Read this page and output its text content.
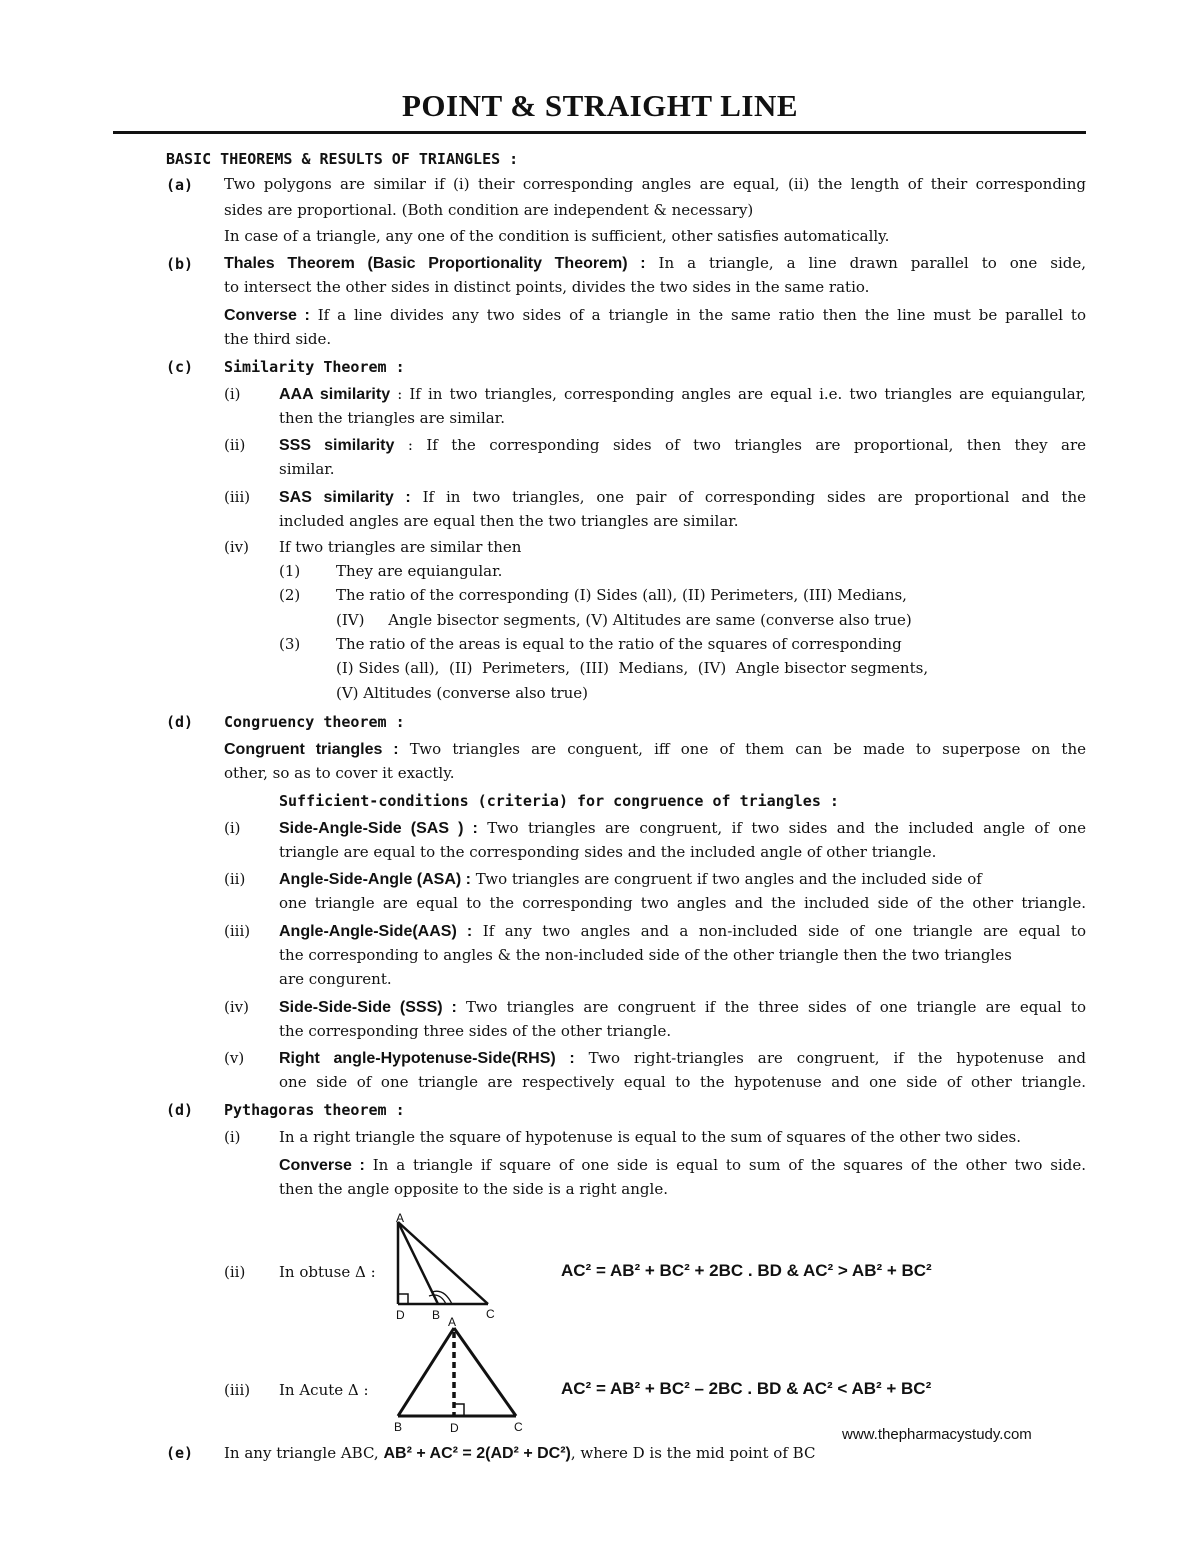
POINT & STRAIGHT LINE
BASIC THEOREMS & RESULTS OF TRIANGLES :
(a) Two polygons are similar if (i) their corresponding angles are equal, (ii) the length of their corresponding
sides are proportional. (Both condition are independent & necessary)
In case of a triangle, any one of the condition is sufficient, other satisfies automatically.
(b) Thales Theorem (Basic Proportionality Theorem) : In a triangle, a line drawn parallel to one side,
to intersect the other sides in distinct points, divides the two sides in the same ratio.
Converse : If a line divides any two sides of a triangle in the same ratio then the line must be parallel to
the third side.
(c) Similarity Theorem :
(i) AAA similarity : If in two triangles, corresponding angles are equal i.e. two triangles are equiangular,
then the triangles are similar.
(ii) SSS similarity : If the corresponding sides of two triangles are proportional, then they are
similar.
(iii) SAS similarity : If in two triangles, one pair of corresponding sides are proportional and the
included angles are equal then the two triangles are similar.
(iv) If two triangles are similar then
(1) They are equiangular.
(2) The ratio of the corresponding (I) Sides (all), (II) Perimeters, (III) Medians,
(IV)     Angle bisector segments, (V) Altitudes are same (converse also true)
(3) The ratio of the areas is equal to the ratio of the squares of corresponding
(I) Sides (all),  (II)  Perimeters,  (III)  Medians,  (IV)  Angle bisector segments,
(V) Altitudes (converse also true)
(d) Congruency theorem :
Congruent triangles : Two triangles are conguent, iff one of them can be made to superpose on the
other, so as to cover it exactly.
Sufficient-conditions (criteria) for congruence of triangles :
(i) Side-Angle-Side (SAS ) : Two triangles are congruent, if two sides and the included angle of one
triangle are equal to the corresponding sides and the included angle of other triangle.
(ii) Angle-Side-Angle (ASA) : Two triangles are congruent if two angles and the included side of
one triangle are equal to the corresponding two angles and the included side of the other triangle.
(iii) Angle-Angle-Side(AAS) : If any two angles and a non-included side of one triangle are equal to
the corresponding to angles & the non-included side of the other triangle then the two triangles
are congurent.
(iv) Side-Side-Side (SSS) : Two triangles are congruent if the three sides of one triangle are equal to
the corresponding three sides of the other triangle.
(v) Right angle-Hypotenuse-Side(RHS) : Two right-triangles are congruent, if the hypotenuse and
one side of one triangle are respectively equal to the hypotenuse and one side of other triangle.
(d) Pythagoras theorem :
(i)	In a right triangle the square of hypotenuse is equal to the sum of squares of the other two sides.
Converse : In a triangle if square of one side is equal to sum of the squares of the other two side.
then the angle opposite to the side is a right angle.
(ii) In obtuse Δ :
A
D B	C
AC² = AB² + BC² + 2BC . BD & AC² > AB² + BC²
(iii) In Acute Δ :
A
B	D	C
AC² = AB² + BC² – 2BC . BD & AC² < AB² + BC²
www.thepharmacystudy.com
(e) In any triangle ABC, AB² + AC² = 2(AD² + DC²), where D is the mid point of BC
